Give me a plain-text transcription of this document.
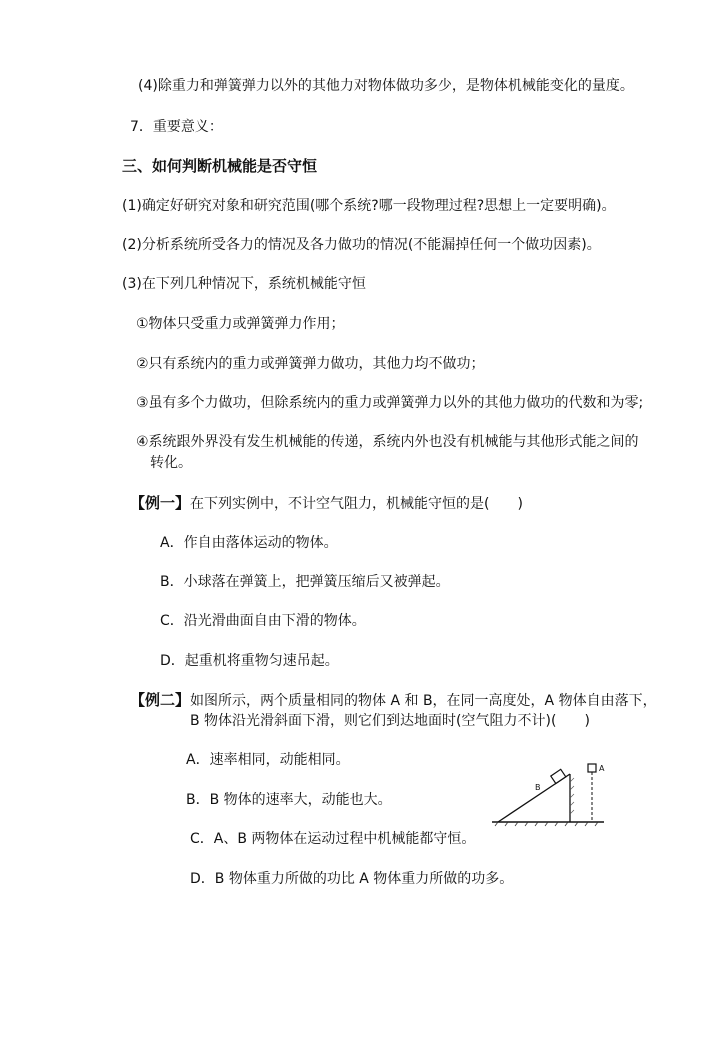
(4)除重力和弹簧弹力以外的其他力对物体做功多少，是物体机械能变化的量度。
7．重要意义：
三、如何判断机械能是否守恒
(1)确定好研究对象和研究范围(哪个系统?哪一段物理过程?思想上一定要明确)。
(2)分析系统所受各力的情况及各力做功的情况(不能漏掉任何一个做功因素)。
(3)在下列几种情况下，系统机械能守恒
①物体只受重力或弹簧弹力作用；
②只有系统内的重力或弹簧弹力做功，其他力均不做功；
③虽有多个力做功，但除系统内的重力或弹簧弹力以外的其他力做功的代数和为零;
④系统跟外界没有发生机械能的传递，系统内外也没有机械能与其他形式能之间的
转化。
【例一】在下列实例中，不计空气阻力，机械能守恒的是(　　)
A．作自由落体运动的物体。
B．小球落在弹簧上，把弹簧压缩后又被弹起。
C．沿光滑曲面自由下滑的物体。
D．起重机将重物匀速吊起。
【例二】如图所示，两个质量相同的物体 A 和 B，在同一高度处，A 物体自由落下，
B 物体沿光滑斜面下滑，则它们到达地面时(空气阻力不计)(　　)
A．速率相同，动能相同。
B．B 物体的速率大，动能也大。
C．A、B 两物体在运动过程中机械能都守恒。
D．B 物体重力所做的功比 A 物体重力所做的功多。
B
A
